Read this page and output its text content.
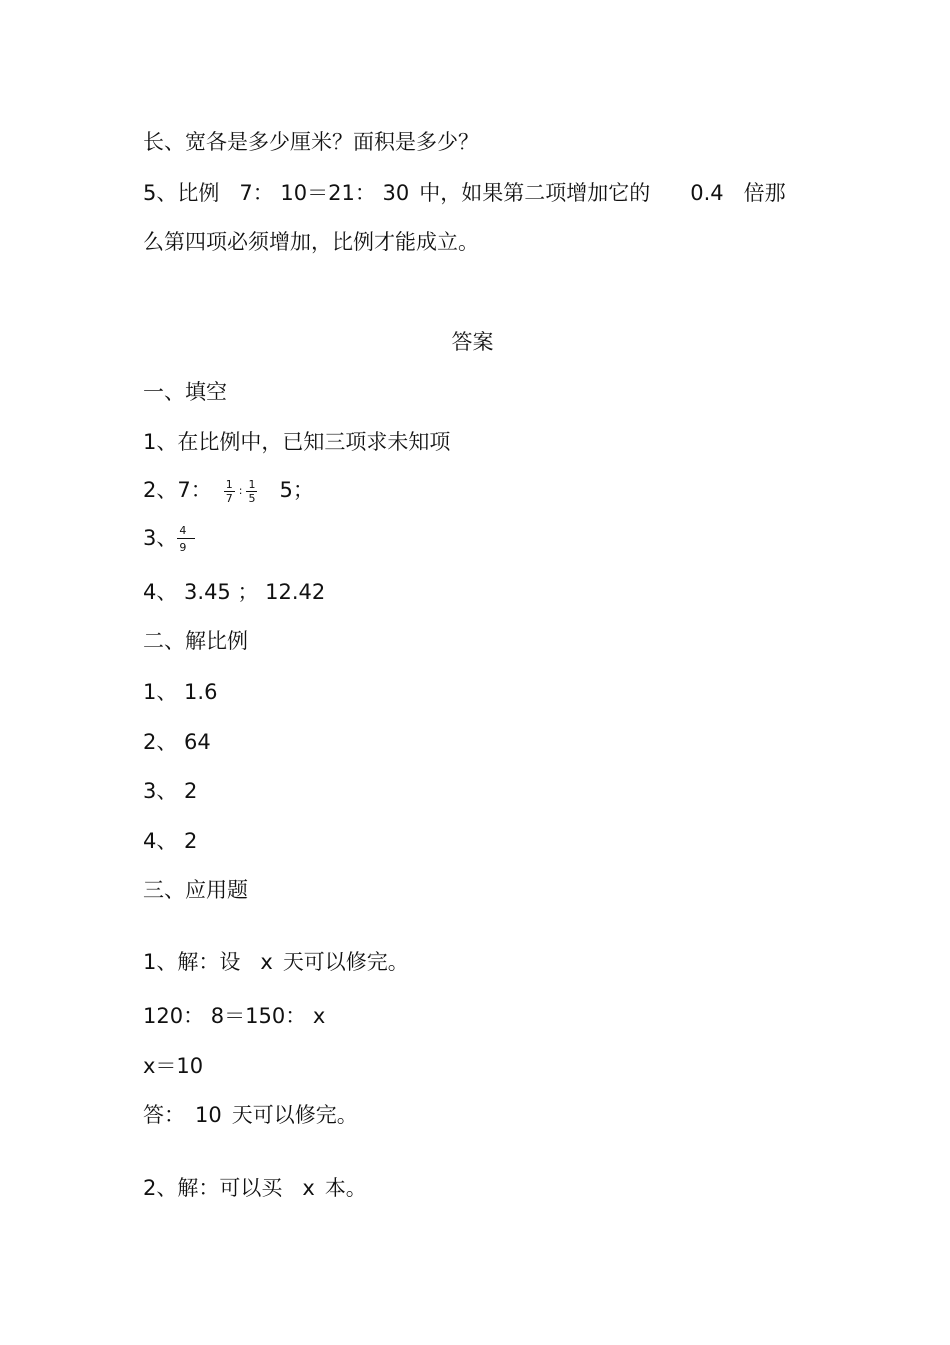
长、宽各是多少厘米？面积是多少？
5、比例 7： 10＝21： 30 中，如果第二项增加它的 0.4 倍那
么第四项必须增加，比例才能成立。
答案
一、填空
1、在比例中，已知三项求未知项
2、7： $\frac{1}{7}$ : $\frac{1}{5} 5$；
3、 $\frac{4}{9}$
4、 3.45 ； 12.42
二、解比例
1、 1.6
2、 64
3、 2
4、 2
三、应用题
1、解：设 x 天可以修完。
120： 8＝150： x
x＝10
答： 10 天可以修完。
2、解：可以买 x 本。
